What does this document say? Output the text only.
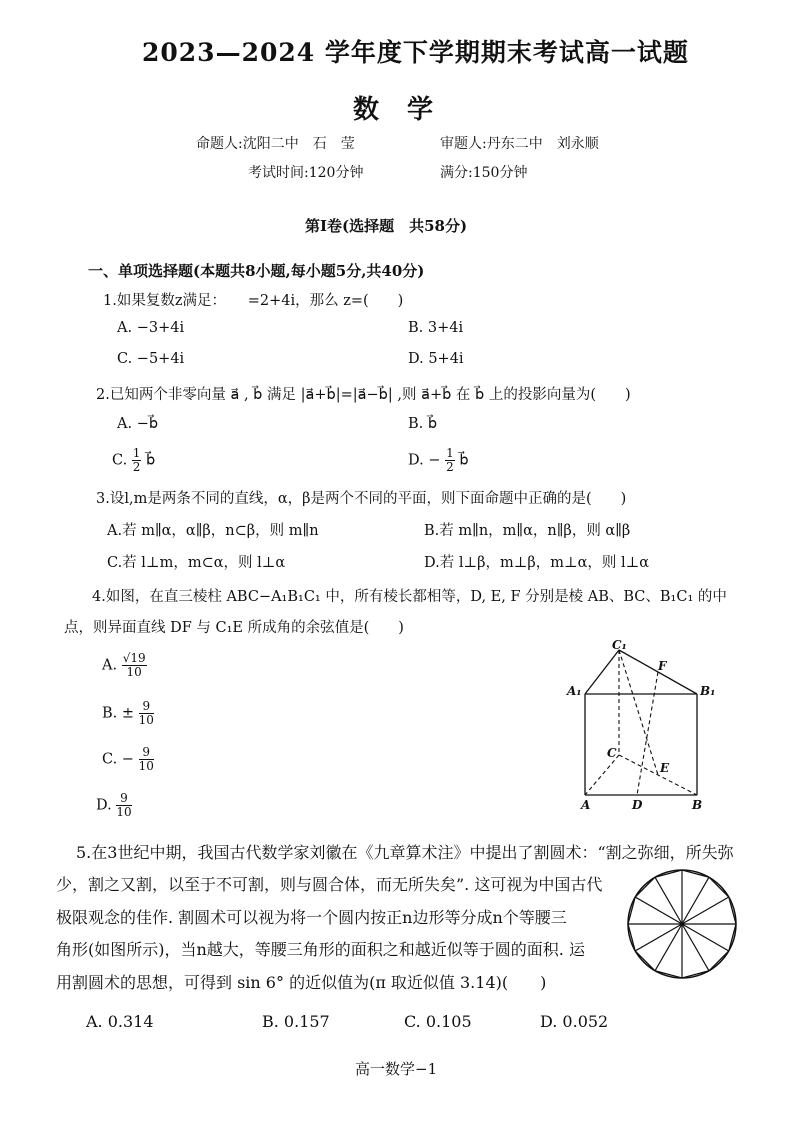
2023—2024 学年度下学期期末考试高一试题
数学
命题人:沈阳二中　石　莹	审题人:丹东二中　刘永顺
考试时间:120分钟	满分:150分钟
第Ⅰ卷(选择题　共58分)
一、单项选择题(本题共8小题,每小题5分,共40分)
1.如果复数z满足：　　=2+4i，那么 z=(　　)
A. −3+4i	B. 3+4i
C. −5+4i	D. 5+4i
2.已知两个非零向量 a⃗ , b⃗ 满足 |a⃗+b⃗|=|a⃗−b⃗| ,则 a⃗+b⃗ 在 b⃗ 上的投影向量为(　　)
A. −b⃗	B. b⃗
C. $\frac{1}{2}$ b⃗	D. − $\frac{1}{2}$ b⃗
3.设l,m是两条不同的直线，α，β是两个不同的平面，则下面命题中正确的是(　　)
A.若 m∥α，α∥β，n⊂β，则 m∥n	B.若 m∥n，m∥α，n∥β，则 α∥β
C.若 l⊥m，m⊂α，则 l⊥α	D.若 l⊥β，m⊥β，m⊥α，则 l⊥α
4.如图，在直三棱柱 ABC−A₁B₁C₁ 中，所有棱长都相等，D, E, F 分别是棱 AB、BC、B₁C₁ 的中
点，则异面直线 DF 与 C₁E 所成角的余弦值是(　　)
A. $\frac{√19}{10}$
B. ± $\frac{9}{10}$
C. − $\frac{9}{10}$
D. $\frac{9}{10}$
C₁
F
A₁	B₁
C
E
A	D	B
5.在3世纪中期，我国古代数学家刘徽在《九章算术注》中提出了割圆术：“割之弥细，所失弥
少，割之又割，以至于不可割，则与圆合体，而无所失矣”. 这可视为中国古代
极限观念的佳作. 割圆术可以视为将一个圆内按正n边形等分成n个等腰三
角形(如图所示)，当n越大，等腰三角形的面积之和越近似等于圆的面积. 运
用割圆术的思想，可得到 sin 6° 的近似值为(π 取近似值 3.14)(　　)
A. 0.314	B. 0.157	C. 0.105	D. 0.052
高一数学−1
